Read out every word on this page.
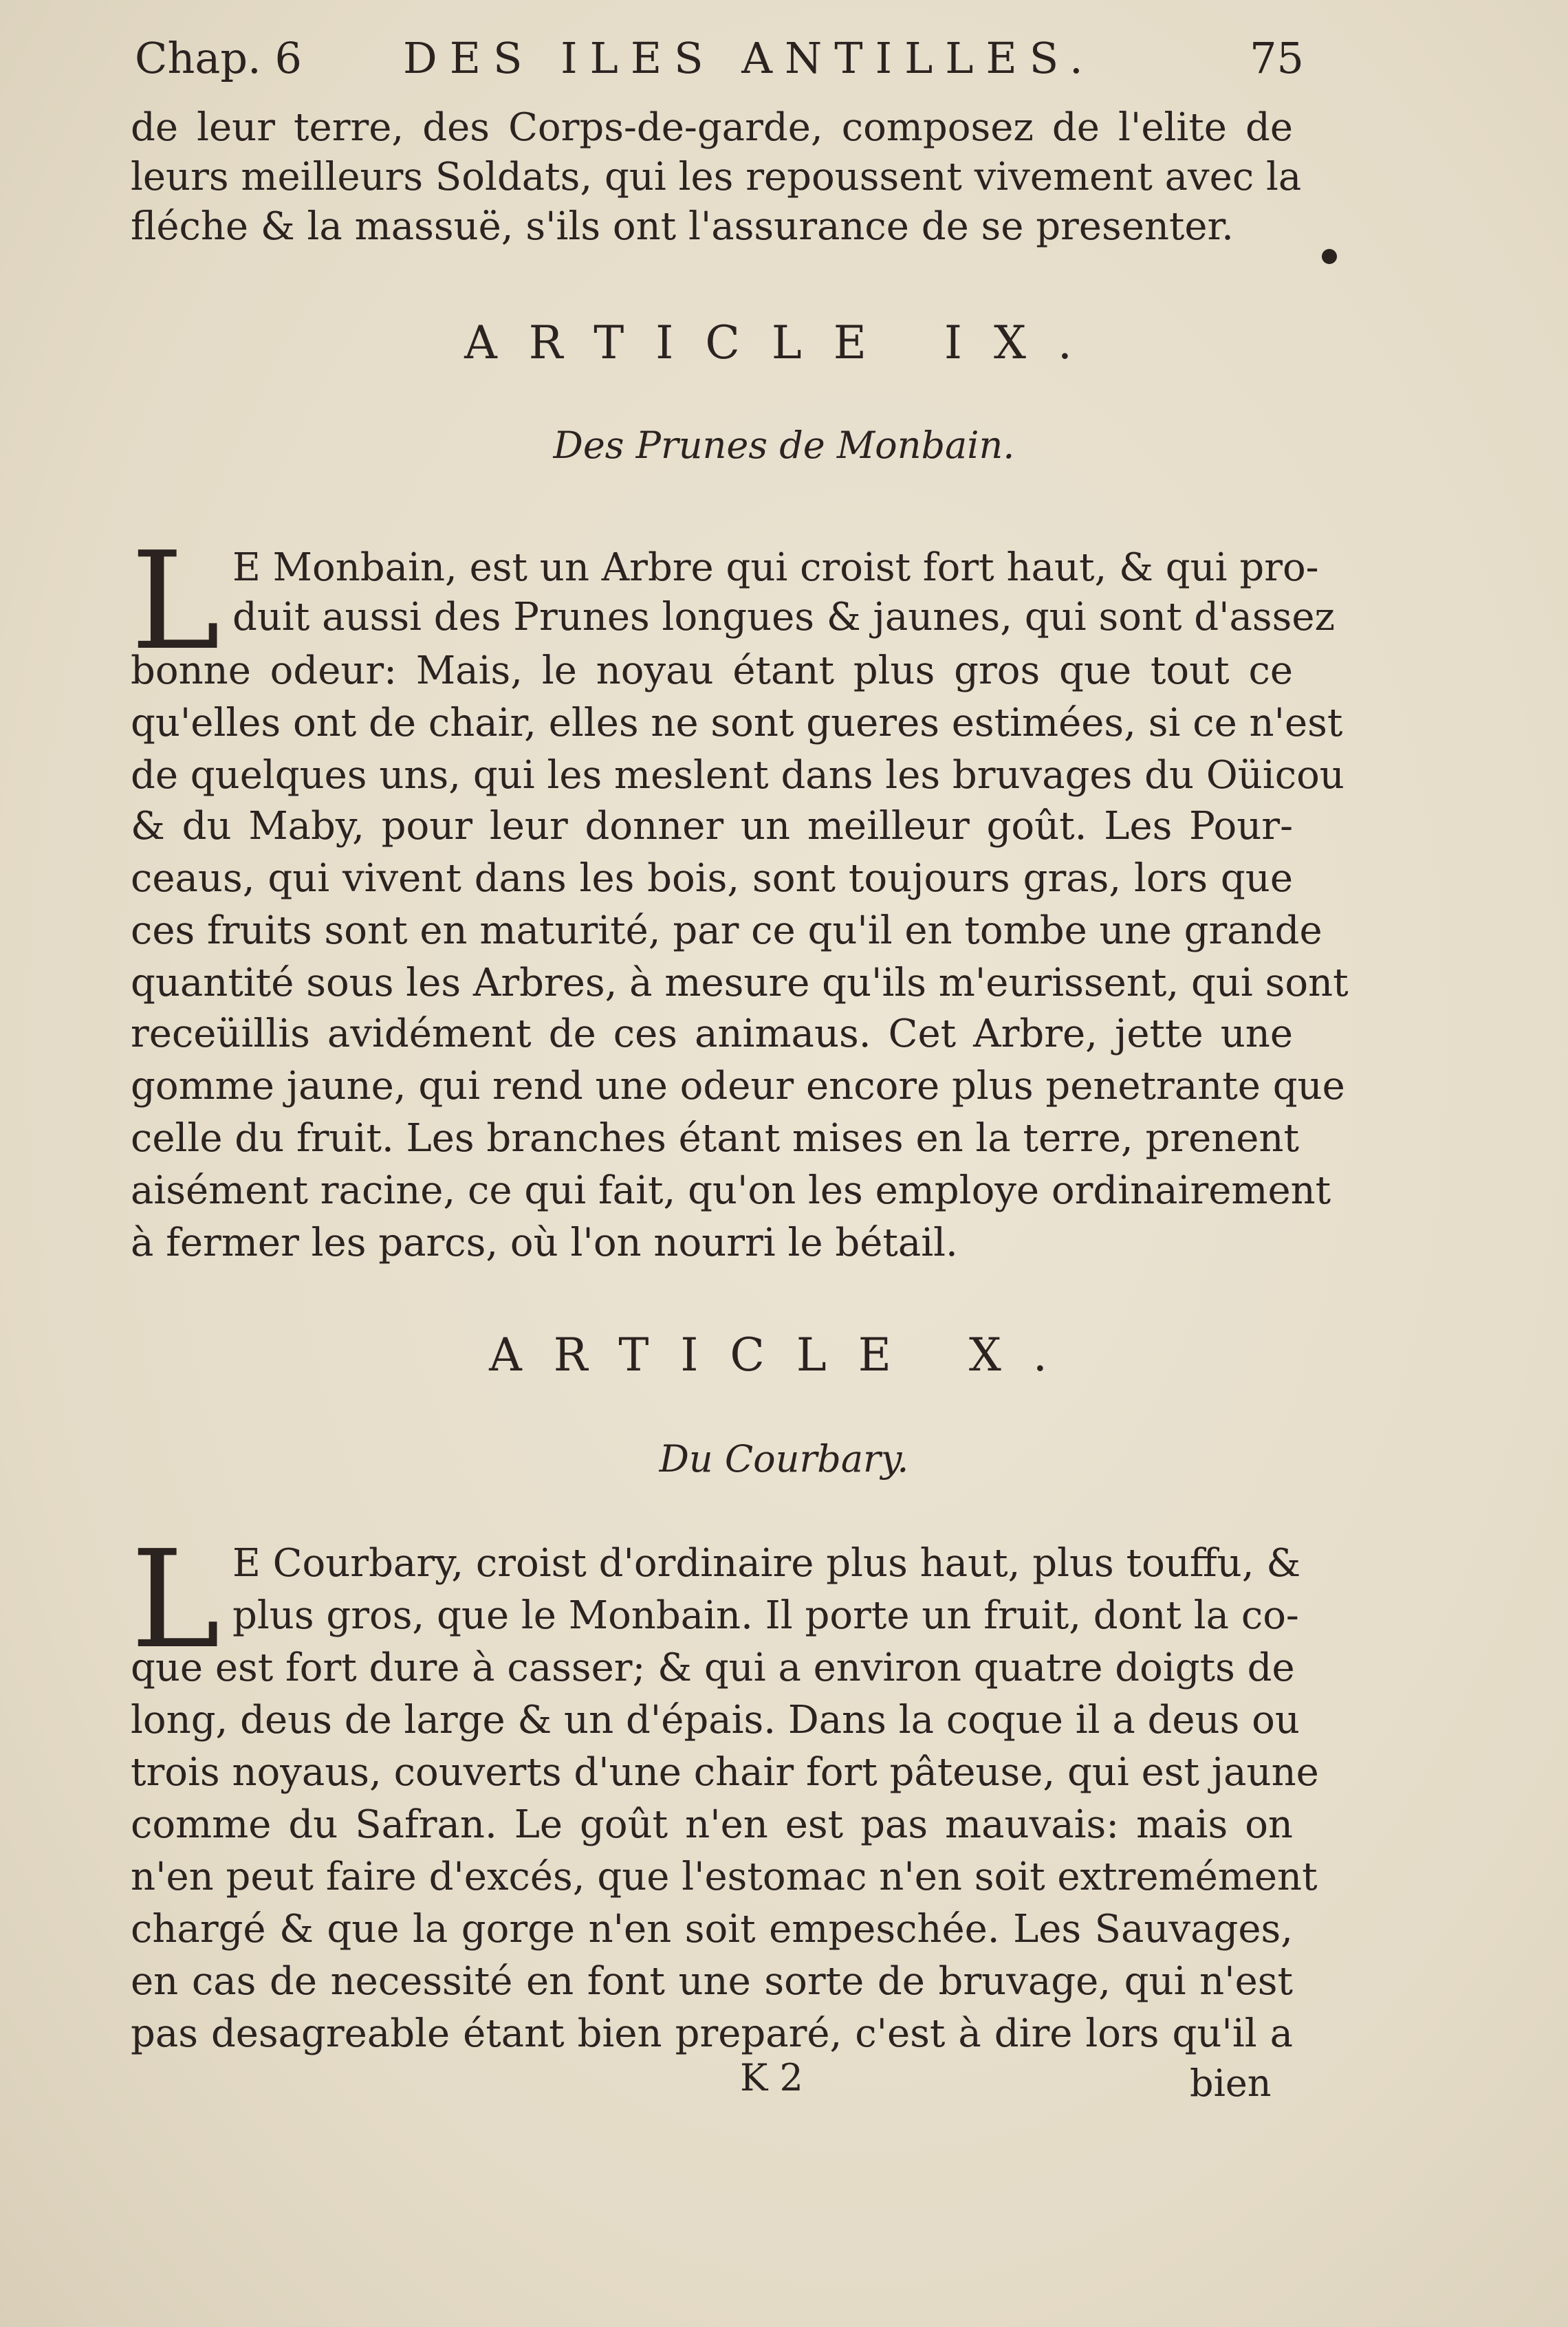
Chap. 6 DES ILES ANTILLES.	75
de leur terre, des Corps-de-garde, composez de l'elite de
leurs meilleurs Soldats, qui les repoussent vivement avec la
fléche & la massuë, s'ils ont l'assurance de se presenter.
ARTICLE IX.
Des Prunes de Monbain.
L E Monbain, est un Arbre qui croist fort haut, & qui pro-
duit aussi des Prunes longues & jaunes, qui sont d'assez
bonne odeur: Mais, le noyau étant plus gros que tout ce
qu'elles ont de chair, elles ne sont gueres estimées, si ce n'est
de quelques uns, qui les meslent dans les bruvages du Oüicou
& du Maby, pour leur donner un meilleur goût. Les Pour-
ceaus, qui vivent dans les bois, sont toujours gras, lors que
ces fruits sont en maturité, par ce qu'il en tombe une grande
quantité sous les Arbres, à mesure qu'ils m'eurissent, qui sont
receüillis avidément de ces animaus. Cet Arbre, jette une
gomme jaune, qui rend une odeur encore plus penetrante que
celle du fruit. Les branches étant mises en la terre, prenent
aisément racine, ce qui fait, qu'on les employe ordinairement
à fermer les parcs, où l'on nourri le bétail.
ARTICLE X.
Du Courbary.
L E Courbary, croist d'ordinaire plus haut, plus touffu, &
plus gros, que le Monbain. Il porte un fruit, dont la co-
que est fort dure à casser; & qui a environ quatre doigts de
long, deus de large & un d'épais. Dans la coque il a deus ou
trois noyaus, couverts d'une chair fort pâteuse, qui est jaune
comme du Safran. Le goût n'en est pas mauvais: mais on
n'en peut faire d'excés, que l'estomac n'en soit extremément
chargé & que la gorge n'en soit empeschée. Les Sauvages,
en cas de necessité en font une sorte de bruvage, qui n'est
pas desagreable étant bien preparé, c'est à dire lors qu'il a
K 2	bien
